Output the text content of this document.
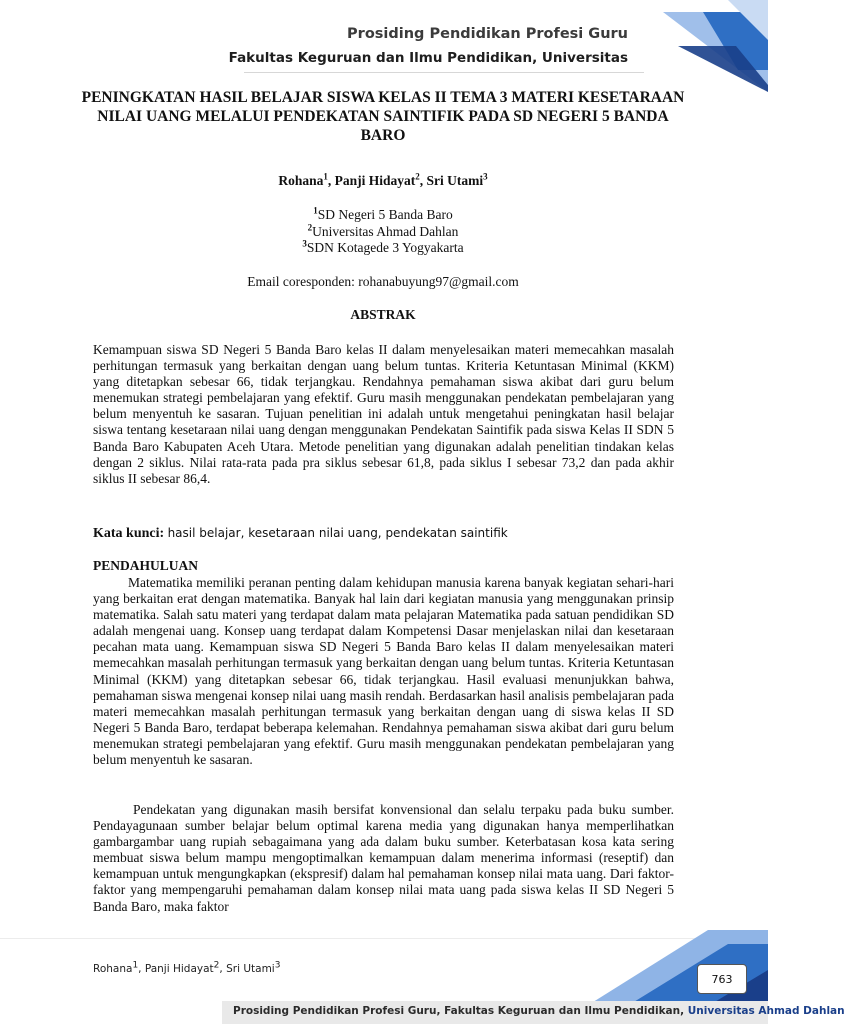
Prosiding Pendidikan Profesi Guru
Fakultas Keguruan dan Ilmu Pendidikan, Universitas
PENINGKATAN HASIL BELAJAR SISWA KELAS II TEMA 3 MATERI KESETARAAN NILAI UANG MELALUI PENDEKATAN SAINTIFIK PADA SD NEGERI 5 BANDA BARO
Rohana$^1$, Panji Hidayat$^2$, Sri Utami$^3$
$^1$SD Negeri 5 Banda Baro
$^2$Universitas Ahmad Dahlan
$^3$SDN Kotagede 3 Yogyakarta
Email coresponden: rohanabuyung97@gmail.com
ABSTRAK

Kemampuan siswa SD Negeri 5 Banda Baro kelas II dalam menyelesaikan materi memecahkan masalah perhitungan termasuk yang berkaitan dengan uang belum tuntas. Kriteria Ketuntasan Minimal (KKM) yang ditetapkan sebesar 66, tidak terjangkau. Rendahnya pemahaman siswa akibat dari guru belum menemukan strategi pembelajaran yang efektif. Guru masih menggunakan pendekatan pembelajaran yang belum menyentuh ke sasaran. Tujuan penelitian ini adalah untuk mengetahui peningkatan hasil belajar siswa tentang kesetaraan nilai uang dengan menggunakan Pendekatan Saintifik pada siswa Kelas II SDN 5 Banda Baro Kabupaten Aceh Utara. Metode penelitian yang digunakan adalah penelitian tindakan kelas dengan 2 siklus. Nilai rata-rata pada pra siklus sebesar 61,8, pada siklus I sebesar 73,2 dan pada akhir siklus II sebesar 86,4.

Kata kunci: hasil belajar, kesetaraan nilai uang, pendekatan saintifik
PENDAHULUAN

Matematika memiliki peranan penting dalam kehidupan manusia karena banyak kegiatan sehari-hari yang berkaitan erat dengan matematika. Banyak hal lain dari kegiatan manusia yang menggunakan prinsip matematika. Salah satu materi yang terdapat dalam mata pelajaran Matematika pada satuan pendidikan SD adalah mengenai uang. Konsep uang terdapat dalam Kompetensi Dasar menjelaskan nilai dan kesetaraan pecahan mata uang. Kemampuan siswa SD Negeri 5 Banda Baro kelas II dalam menyelesaikan materi memecahkan masalah perhitungan termasuk yang berkaitan dengan uang belum tuntas. Kriteria Ketuntasan Minimal (KKM) yang ditetapkan sebesar 66, tidak terjangkau. Hasil evaluasi menunjukkan bahwa, pemahaman siswa mengenai konsep nilai uang masih rendah. Berdasarkan hasil analisis pembelajaran pada materi memecahkan masalah perhitungan termasuk yang berkaitan dengan uang di siswa kelas II SD Negeri 5 Banda Baro, terdapat beberapa kelemahan. Rendahnya pemahaman siswa akibat dari guru belum menemukan strategi pembelajaran yang efektif. Guru masih menggunakan pendekatan pembelajaran yang belum menyentuh ke sasaran.

Pendekatan yang digunakan masih bersifat konvensional dan selalu terpaku pada buku sumber. Pendayagunaan sumber belajar belum optimal karena media yang digunakan hanya memperlihatkan gambargambar uang rupiah sebagaimana yang ada dalam buku sumber. Keterbatasan kosa kata sering membuat siswa belum mampu mengoptimalkan kemampuan dalam menerima informasi (reseptif) dan kemampuan untuk mengungkapkan (ekspresif) dalam hal pemahaman konsep nilai mata uang. Dari faktor-faktor yang mempengaruhi pemahaman dalam konsep nilai mata uang pada siswa kelas II SD Negeri 5 Banda Baro, maka faktor

Rohana$^1$, Panji Hidayat$^2$, Sri Utami$^3$
763
Prosiding Pendidikan Profesi Guru, Fakultas Keguruan dan Ilmu Pendidikan, Universitas Ahmad Dahlan
